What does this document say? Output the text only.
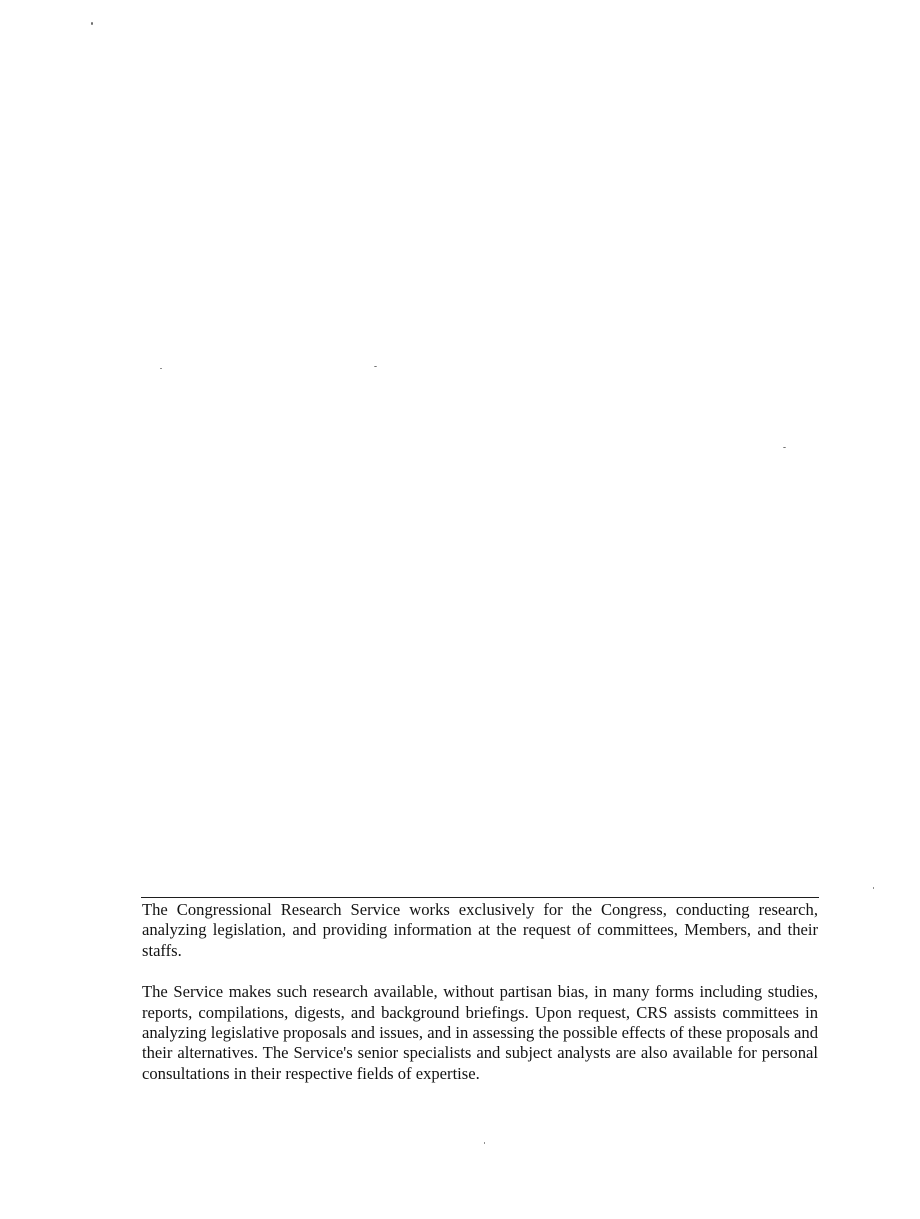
The Congressional Research Service works exclusively for the Congress, conducting research, analyzing legislation, and providing information at the request of committees, Members, and their staffs.

The Service makes such research available, without partisan bias, in many forms including studies, reports, compilations, digests, and background briefings. Upon request, CRS assists committees in analyzing legislative proposals and issues, and in assessing the possible effects of these proposals and their alternatives. The Service's senior specialists and subject analysts are also available for personal consultations in their respective fields of expertise.
